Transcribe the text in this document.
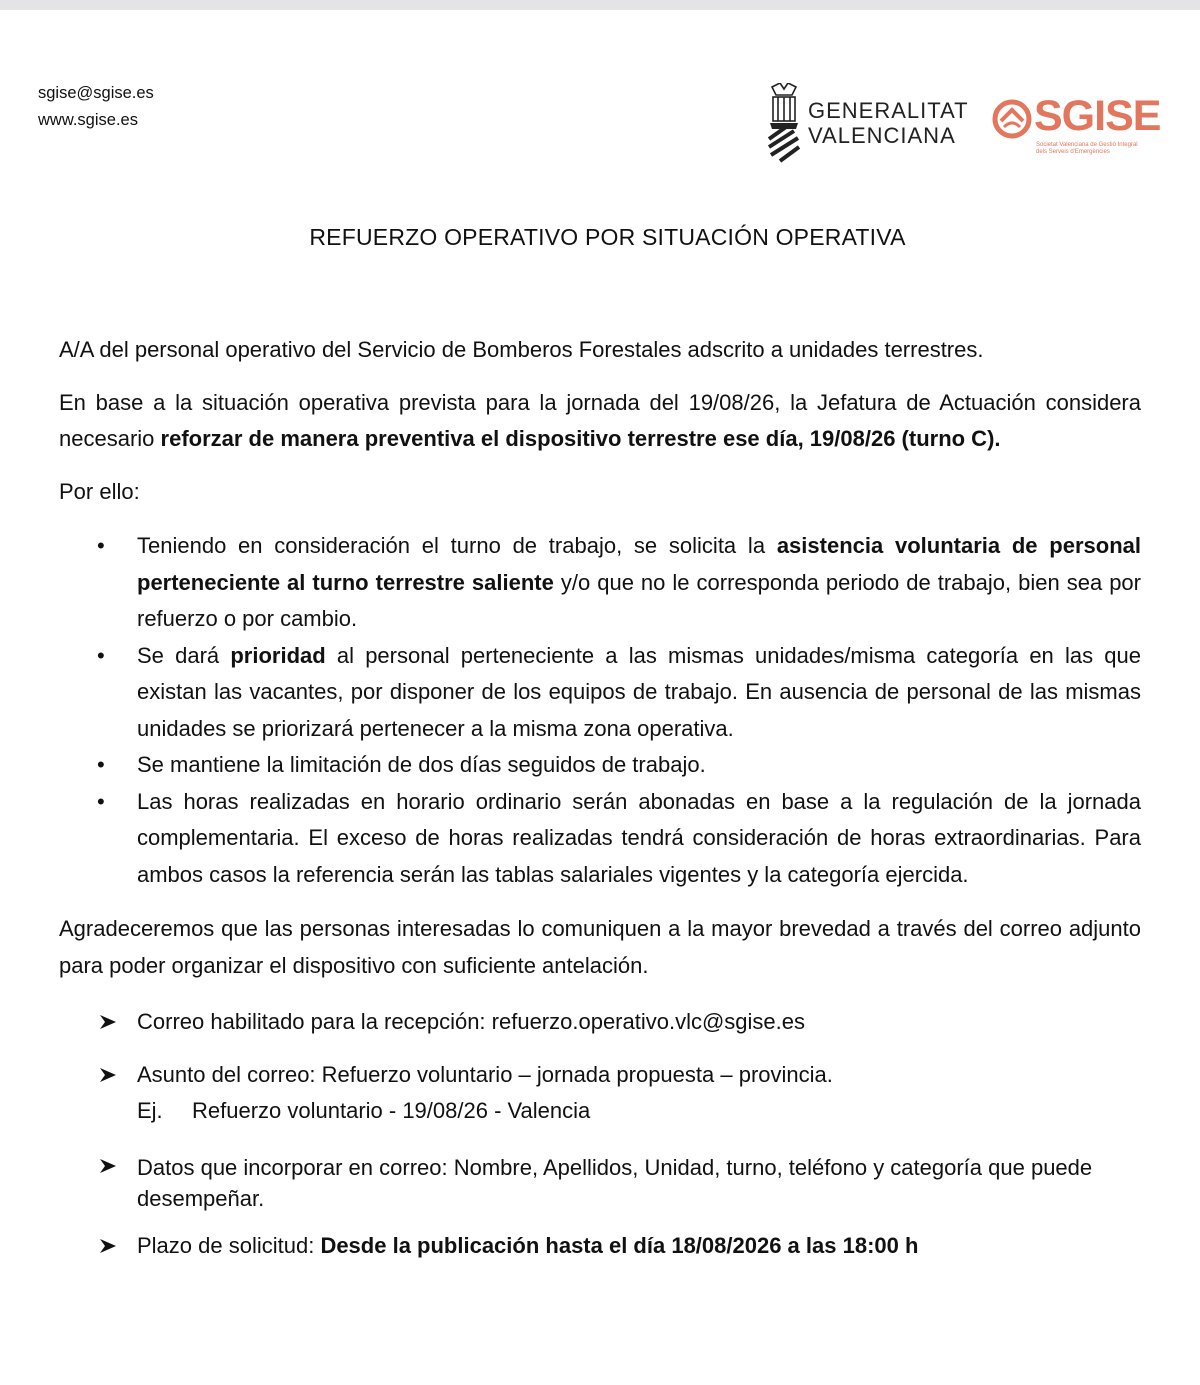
sgise@sgise.es
www.sgise.es	GENERALITAT
VALENCIANA SGISE
Societat Valenciana de Gestió Integral
dels Serveis d'Emergències
REFUERZO OPERATIVO POR SITUACIÓN OPERATIVA

A/A del personal operativo del Servicio de Bomberos Forestales adscrito a unidades terrestres.

En base a la situación operativa prevista para la jornada del 19/08/26, la Jefatura de Actuación considera necesario reforzar de manera preventiva el dispositivo terrestre ese día, 19/08/26 (turno C).

Por ello:

• Teniendo en consideración el turno de trabajo, se solicita la asistencia voluntaria de personal perteneciente al turno terrestre saliente y/o que no le corresponda periodo de trabajo, bien sea por refuerzo o por cambio.
• Se dará prioridad al personal perteneciente a las mismas unidades/misma categoría en las que existan las vacantes, por disponer de los equipos de trabajo. En ausencia de personal de las mismas unidades se priorizará pertenecer a la misma zona operativa.
• Se mantiene la limitación de dos días seguidos de trabajo.
• Las horas realizadas en horario ordinario serán abonadas en base a la regulación de la jornada complementaria. El exceso de horas realizadas tendrá consideración de horas extraordinarias. Para ambos casos la referencia serán las tablas salariales vigentes y la categoría ejercida.

Agradeceremos que las personas interesadas lo comuniquen a la mayor brevedad a través del correo adjunto para poder organizar el dispositivo con suficiente antelación.

Correo habilitado para la recepción: refuerzo.operativo.vlc@sgise.es
Asunto del correo: Refuerzo voluntario – jornada propuesta – provincia.
Ej. Refuerzo voluntario - 19/08/26 - Valencia
Datos que incorporar en correo: Nombre, Apellidos, Unidad, turno, teléfono y categoría que puede desempeñar.
Plazo de solicitud: Desde la publicación hasta el día 18/08/2026 a las 18:00 h
